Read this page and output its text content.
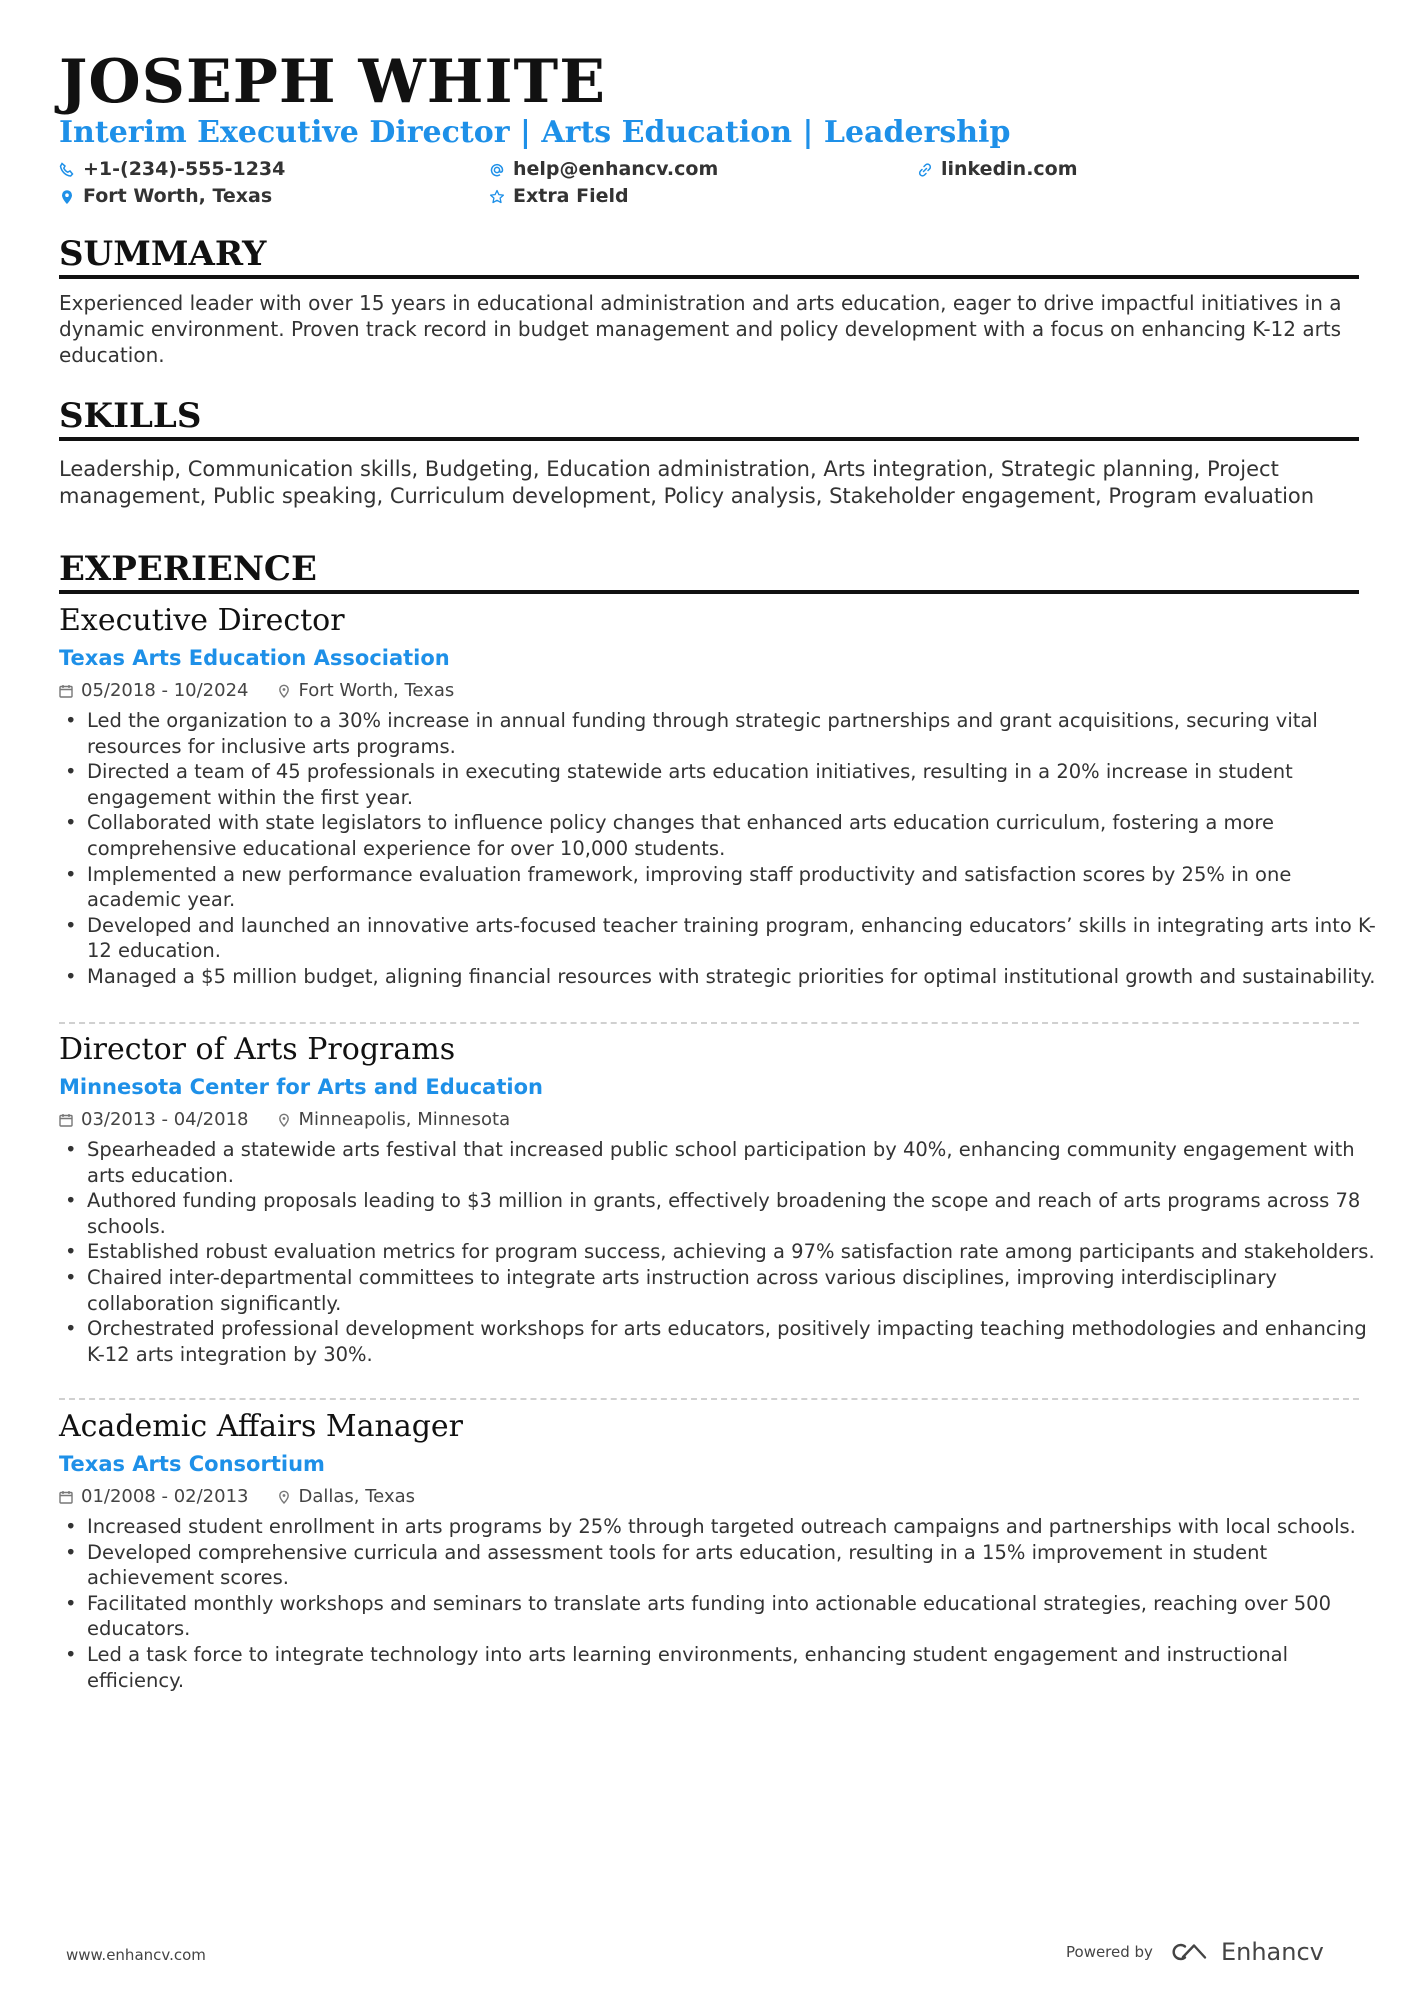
JOSEPH WHITE
Interim Executive Director | Arts Education | Leadership
+1-(234)-555-1234	help@enhancv.com	linkedin.com
Fort Worth, Texas	Extra Field
SUMMARY
Experienced leader with over 15 years in educational administration and arts education, eager to drive impactful initiatives in a dynamic environment. Proven track record in budget management and policy development with a focus on enhancing K-12 arts education.
SKILLS
Leadership, Communication skills, Budgeting, Education administration, Arts integration, Strategic planning, Project management, Public speaking, Curriculum development, Policy analysis, Stakeholder engagement, Program evaluation
EXPERIENCE
Executive Director
Texas Arts Education Association
05/2018 - 10/2024	Fort Worth, Texas
• Led the organization to a 30% increase in annual funding through strategic partnerships and grant acquisitions, securing vital resources for inclusive arts programs.
• Directed a team of 45 professionals in executing statewide arts education initiatives, resulting in a 20% increase in student engagement within the first year.
• Collaborated with state legislators to influence policy changes that enhanced arts education curriculum, fostering a more comprehensive educational experience for over 10,000 students.
• Implemented a new performance evaluation framework, improving staff productivity and satisfaction scores by 25% in one academic year.
• Developed and launched an innovative arts-focused teacher training program, enhancing educators’ skills in integrating arts into K-12 education.
• Managed a $5 million budget, aligning financial resources with strategic priorities for optimal institutional growth and sustainability.
Director of Arts Programs
Minnesota Center for Arts and Education
03/2013 - 04/2018	Minneapolis, Minnesota
• Spearheaded a statewide arts festival that increased public school participation by 40%, enhancing community engagement with arts education.
• Authored funding proposals leading to $3 million in grants, effectively broadening the scope and reach of arts programs across 78 schools.
• Established robust evaluation metrics for program success, achieving a 97% satisfaction rate among participants and stakeholders.
• Chaired inter-departmental committees to integrate arts instruction across various disciplines, improving interdisciplinary collaboration significantly.
• Orchestrated professional development workshops for arts educators, positively impacting teaching methodologies and enhancing K-12 arts integration by 30%.
Academic Affairs Manager
Texas Arts Consortium
01/2008 - 02/2013	Dallas, Texas
• Increased student enrollment in arts programs by 25% through targeted outreach campaigns and partnerships with local schools.
• Developed comprehensive curricula and assessment tools for arts education, resulting in a 15% improvement in student achievement scores.
• Facilitated monthly workshops and seminars to translate arts funding into actionable educational strategies, reaching over 500 educators.
• Led a task force to integrate technology into arts learning environments, enhancing student engagement and instructional efficiency.
www.enhancv.com	Powered by	Enhancv
